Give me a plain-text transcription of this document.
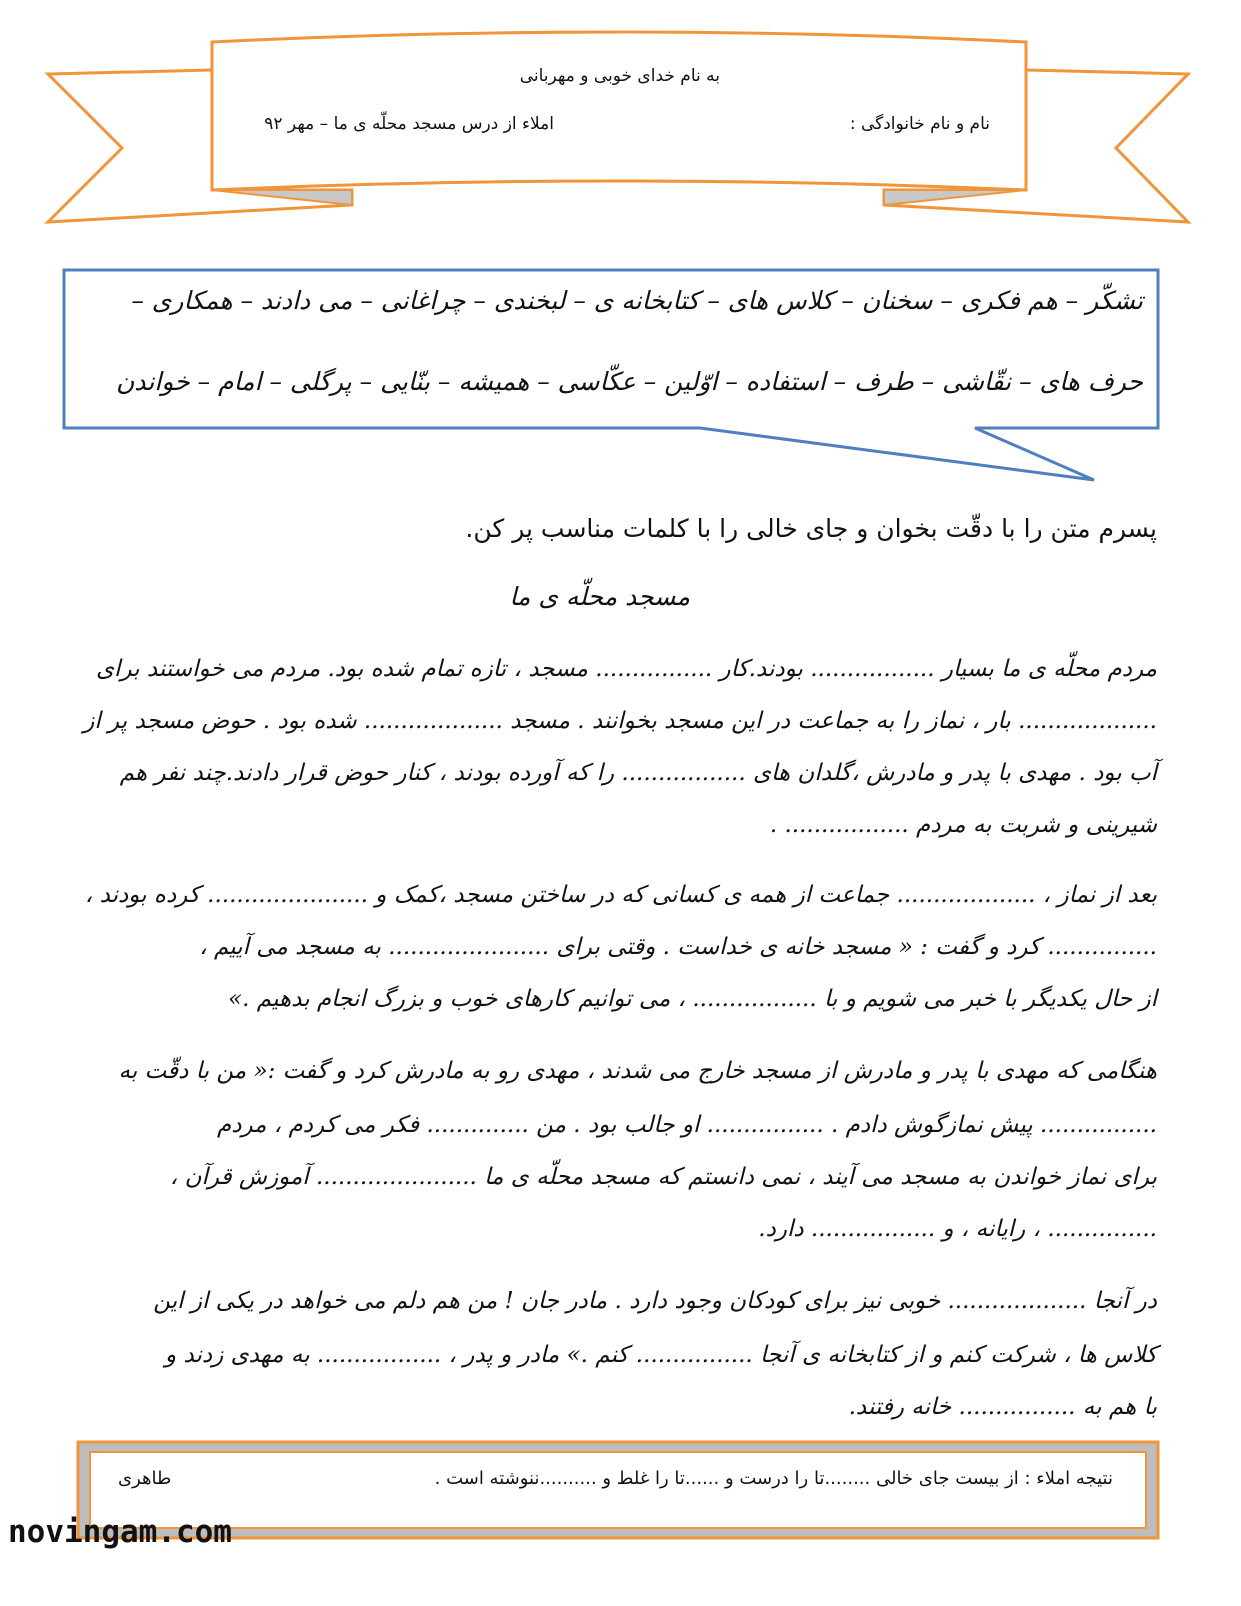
به نام خدای خوبی و مهربانی
نام و نام خانوادگی :
املاء از درس مسجد محلّه ی ما – مهر ۹۲
تشکّر – هم فکری – سخنان – کلاس های – کتابخانه ی – لبخندی – چراغانی – می دادند – همکاری –
حرف های – نقّاشی – طرف – استفاده – اوّلین – عکّاسی – همیشه – بنّایی – پرگلی – امام – خواندن
پسرم متن را با دقّت بخوان و جای خالی را با کلمات مناسب پر کن.
مسجد محلّه ی ما
مردم محلّه ی ما بسیار ................. بودند.کار ................ مسجد ، تازه تمام شده بود. مردم می خواستند برای
................... بار ، نماز را به جماعت در این مسجد بخوانند . مسجد ................... شده بود . حوض مسجد پر از
آب بود . مهدی با پدر و مادرش ،گلدان های ................. را که آورده بودند ، کنار حوض قرار دادند.چند نفر هم
شیرینی و شربت به مردم ................. .
بعد از نماز ، ................... جماعت از همه ی کسانی که در ساختن مسجد ،کمک و ...................... کرده بودند ،
............... کرد و گفت : « مسجد خانه ی خداست . وقتی برای ...................... به مسجد می آییم ،
از حال یکدیگر با خبر می شویم و با ................. ، می توانیم کارهای خوب و بزرگ انجام بدهیم .»
هنگامی که مهدی با پدر و مادرش از مسجد خارج می شدند ، مهدی رو به مادرش کرد و گفت :« من با دقّت به
................ پیش نمازگوش دادم . ................ او جالب بود . من .............. فکر می کردم ، مردم
برای نماز خواندن به مسجد می آیند ، نمی دانستم که مسجد محلّه ی ما ...................... آموزش قرآن ،
............... ، رایانه ، و ................. دارد.
در آنجا ................... خوبی نیز برای کودکان وجود دارد . مادر جان ! من هم دلم می خواهد در یکی از این
کلاس ها ، شرکت کنم و از کتابخانه ی آنجا ................ کنم .» مادر و پدر ، ................. به مهدی زدند و
با هم به ................ خانه رفتند.
نتیجه املاء : از بیست جای خالی ........تا را درست و ......تا را غلط و ..........ننوشته است .
طاهری
novingam.com
